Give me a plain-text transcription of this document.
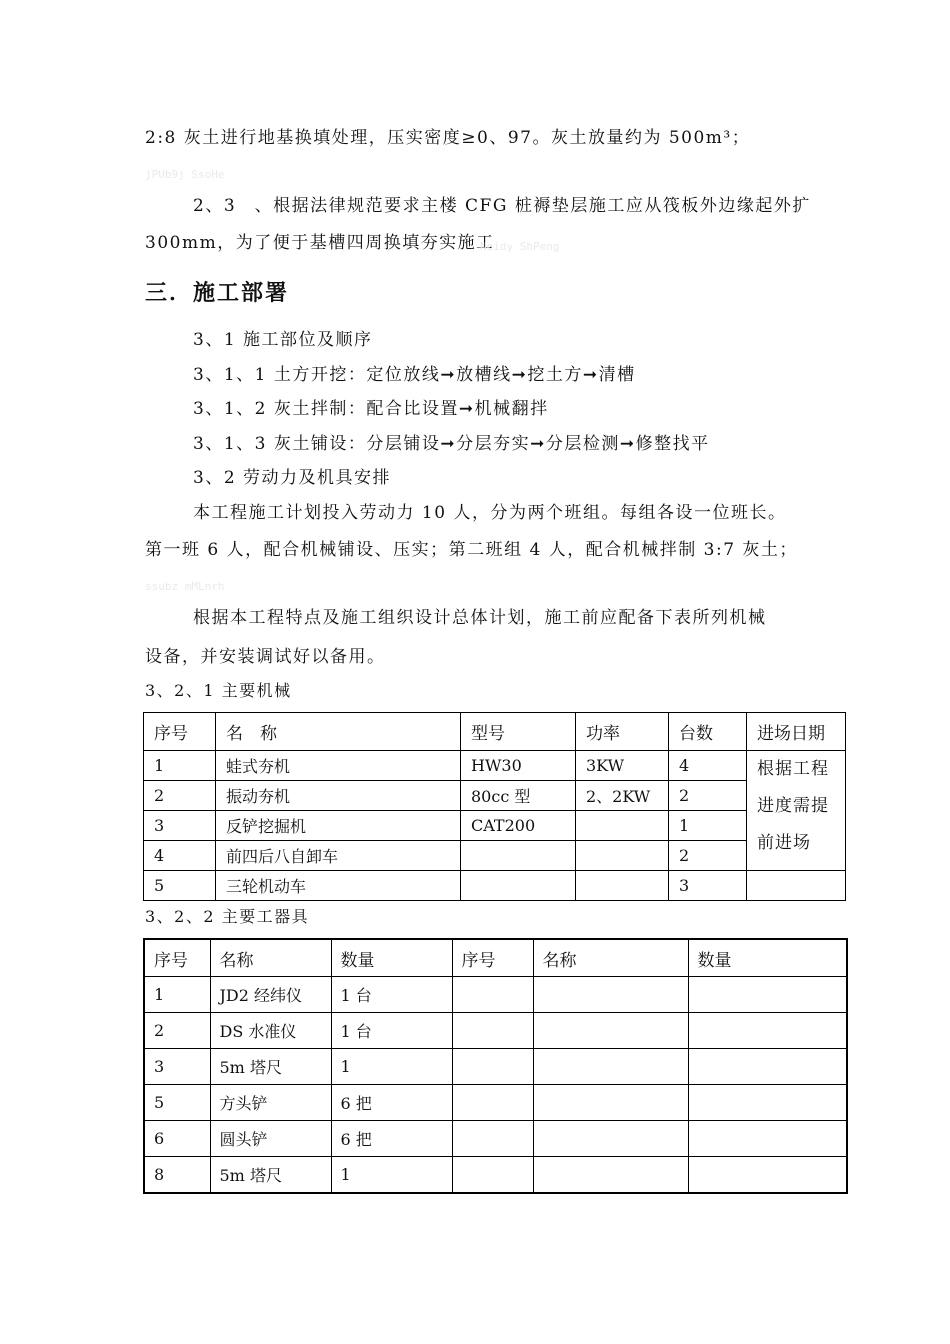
2:8 灰土进行地基换填处理，压实密度≥0、97。灰土放量约为 500m³；
jPUb9j SsoHe
2、3　、根据法律规范要求主楼 CFG 桩褥垫层施工应从筏板外边缘起外扩
300mm，为了便于基槽四周换填夯实施工
Noidy ShPeng
三．施工部署
3、1 施工部位及顺序
3、1、1 土方开挖：定位放线➞放槽线➞挖土方➞清槽
3、1、2 灰土拌制：配合比设置➞机械翻拌
3、1、3 灰土铺设：分层铺设➞分层夯实➞分层检测➞修整找平
3、2 劳动力及机具安排
本工程施工计划投入劳动力 10 人，分为两个班组。每组各设一位班长。
第一班 6 人，配合机械铺设、压实；第二班组 4 人，配合机械拌制 3:7 灰土；
ssubz mMLnrh
根据本工程特点及施工组织设计总体计划，施工前应配备下表所列机械
设备，并安装调试好以备用。
3、2、1 主要机械
序号	名　称	型号	功率	台数	进场日期
1	蛙式夯机	HW30	3KW	4	根据工程进度需提前进场
2	振动夯机	80cc 型	2、2KW	2	
3	反铲挖掘机	CAT200		1	
4	前四后八自卸车			2	
5	三轮机动车			3	
3、2、2 主要工器具
序号	名称	数量	序号	名称	数量
1	JD2 经纬仪	1 台			
2	DS 水准仪	1 台			
3	5m 塔尺	1			
5	方头铲	6 把			
6	圆头铲	6 把			
8	5m 塔尺	1			
